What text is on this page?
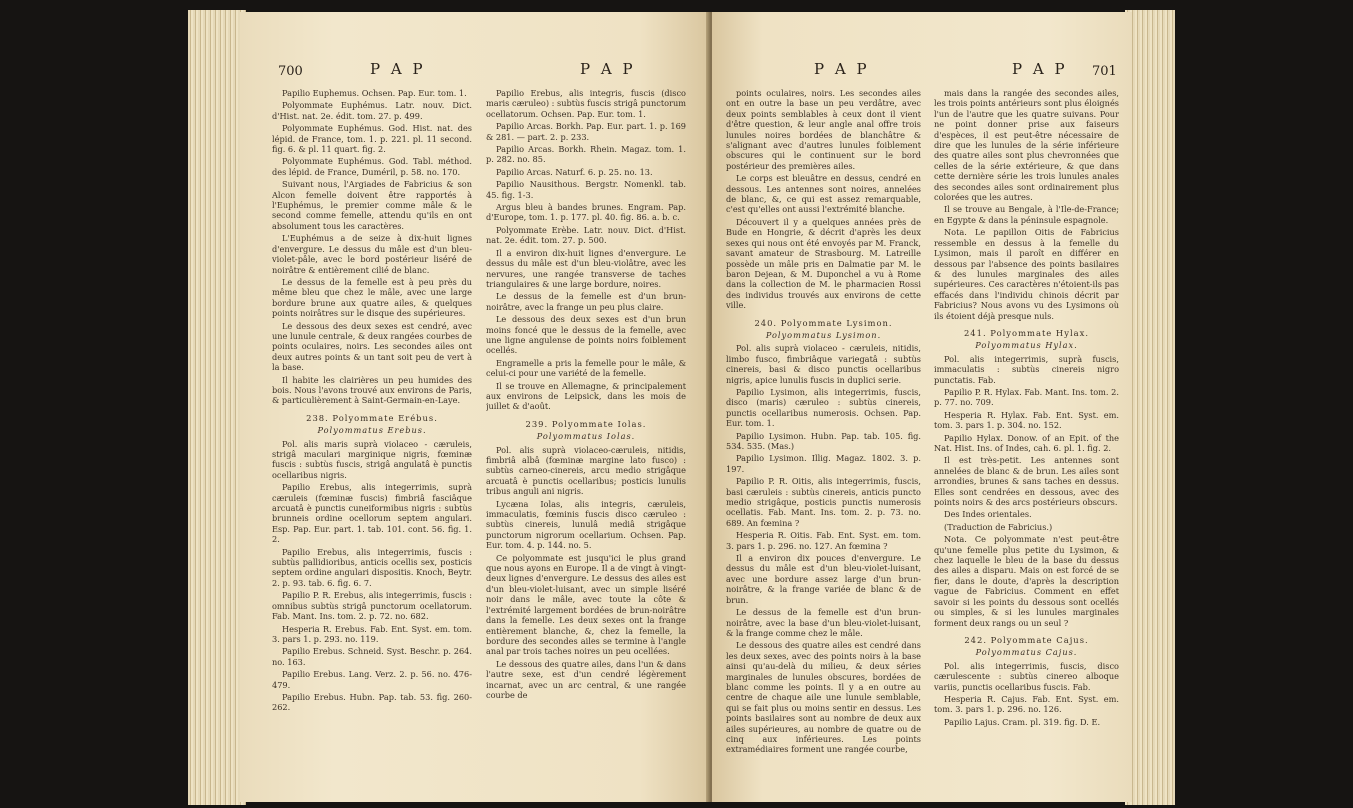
700	P A P	P A P

Papilio Euphemus. Ochsen. Pap. Eur. tom. 1.

Polyommate Euphémus. Latr. nouv. Dict. d'Hist. nat. 2e. édit. tom. 27. p. 499.

Polyommate Euphémus. God. Hist. nat. des lépid. de France, tom. 1. p. 221. pl. 11 second. fig. 6. & pl. 11 quart. fig. 2.

Polyommate Euphémus. God. Tabl. méthod. des lépid. de France, Duméril, p. 58. no. 170.

Suivant nous, l'Argiades de Fabricius & son Alcon femelle doivent être rapportés à l'Euphémus, le premier comme mâle & le second comme femelle, attendu qu'ils en ont absolument tous les caractères.

L'Euphémus a de seize à dix-huit lignes d'envergure. Le dessus du mâle est d'un bleu-violet-pâle, avec le bord postérieur liséré de noirâtre & entièrement cilié de blanc.

Le dessus de la femelle est à peu près du même bleu que chez le mâle, avec une large bordure brune aux quatre ailes, & quelques points noirâtres sur le disque des supérieures.

Le dessous des deux sexes est cendré, avec une lunule centrale, & deux rangées courbes de points oculaires, noirs. Les secondes ailes ont deux autres points & un tant soit peu de vert à la base.

Il habite les clairières un peu humides des bois. Nous l'avons trouvé aux environs de Paris, & particulièrement à Saint-Germain-en-Laye.

238. Polyommate Erébus.

Polyommatus Erebus.

Pol. alis maris suprà violaceo - cæruleis, strigâ maculari marginique nigris, fœminæ fuscis : subtùs fuscis, strigâ angulatâ è punctis ocellaribus nigris.

Papilio Erebus, alis integerrimis, suprà cæruleis (fœminæ fuscis) fimbriâ fasciâque arcuatâ è punctis cuneiformibus nigris : subtùs brunneis ordine ocellorum septem angulari. Esp. Pap. Eur. part. 1. tab. 101. cont. 56. fig. 1. 2.

Papilio Erebus, alis integerrimis, fuscis : subtùs pallidioribus, anticis ocellis sex, posticis septem ordine angulari dispositis. Knoch, Beytr. 2. p. 93. tab. 6. fig. 6. 7.

Papilio P. R. Erebus, alis integerrimis, fuscis : omnibus subtùs strigâ punctorum ocellatorum. Fab. Mant. Ins. tom. 2. p. 72. no. 682.

Hesperia R. Erebus. Fab. Ent. Syst. em. tom. 3. pars 1. p. 293. no. 119.

Papilio Erebus. Schneid. Syst. Beschr. p. 264. no. 163.

Papilio Erebus. Lang. Verz. 2. p. 56. no. 476-479.

Papilio Erebus. Hubn. Pap. tab. 53. fig. 260-262.

Papilio Erebus, alis integris, fuscis (disco maris cæruleo) : subtùs fuscis strigâ punctorum ocellatorum. Ochsen. Pap. Eur. tom. 1.

Papilio Arcas. Borkh. Pap. Eur. part. 1. p. 169 & 281. — part. 2. p. 233.

Papilio Arcas. Borkh. Rhein. Magaz. tom. 1. p. 282. no. 85.

Papilio Arcas. Naturf. 6. p. 25. no. 13.

Papilio Nausithous. Bergstr. Nomenkl. tab. 45. fig. 1-3.

Argus bleu à bandes brunes. Engram. Pap. d'Europe, tom. 1. p. 177. pl. 40. fig. 86. a. b. c.

Polyommate Erèbe. Latr. nouv. Dict. d'Hist. nat. 2e. édit. tom. 27. p. 500.

Il a environ dix-huit lignes d'envergure. Le dessus du mâle est d'un bleu-violâtre, avec les nervures, une rangée transverse de taches triangulaires & une large bordure, noires.

Le dessus de la femelle est d'un brun-noirâtre, avec la frange un peu plus claire.

Le dessous des deux sexes est d'un brun moins foncé que le dessus de la femelle, avec une ligne angulense de points noirs foiblement ocellés.

Engramelle a pris la femelle pour le mâle, & celui-ci pour une variété de la femelle.

Il se trouve en Allemagne, & principalement aux environs de Leipsick, dans les mois de juillet & d'août.

239. Polyommate Iolas.

Polyommatus Iolas.

Pol. alis suprà violaceo-cæruleis, nitidis, fimbriâ albâ (fœminæ margine lato fusco) : subtùs carneo-cinereis, arcu medio strigâque arcuatâ è punctis ocellaribus; posticis lunulis tribus anguli ani nigris.

Lycæna Iolas, alis integris, cæruleis, immaculatis, fœminis fuscis disco cæruleo : subtùs cinereis, lunulâ mediâ strigâque punctorum nigrorum ocellarium. Ochsen. Pap. Eur. tom. 4. p. 144. no. 5.

Ce polyommate est jusqu'ici le plus grand que nous ayons en Europe. Il a de vingt à vingt-deux lignes d'envergure. Le dessus des ailes est d'un bleu-violet-luisant, avec un simple liséré noir dans le mâle, avec toute la côte & l'extrémité largement bordées de brun-noirâtre dans la femelle. Les deux sexes ont la frange entièrement blanche, &, chez la femelle, la bordure des secondes ailes se termine à l'angle anal par trois taches noires un peu ocellées.

Le dessous des quatre ailes, dans l'un & dans l'autre sexe, est d'un cendré légèrement incarnat, avec un arc central, & une rangée courbe de

P A P	P A P 701

points oculaires, noirs. Les secondes ailes ont en outre la base un peu verdâtre, avec deux points semblables à ceux dont il vient d'être question, & leur angle anal offre trois lunules noires bordées de blanchâtre & s'alignant avec d'autres lunules foiblement obscures qui le continuent sur le bord postérieur des premières ailes.

Le corps est bleuâtre en dessus, cendré en dessous. Les antennes sont noires, annelées de blanc, &, ce qui est assez remarquable, c'est qu'elles ont aussi l'extrémité blanche.

Découvert il y a quelques années près de Bude en Hongrie, & décrit d'après les deux sexes qui nous ont été envoyés par M. Franck, savant amateur de Strasbourg. M. Latreille possède un mâle pris en Dalmatie par M. le baron Dejean, & M. Duponchel a vu à Rome dans la collection de M. le pharmacien Rossi des individus trouvés aux environs de cette ville.

240. Polyommate Lysimon.

Polyommatus Lysimon.

Pol. alis suprà violaceo - cæruleis, nitidis, limbo fusco, fimbriâque variegatâ : subtùs cinereis, basi & disco punctis ocellaribus nigris, apice lunulis fuscis in duplici serie.

Papilio Lysimon, alis integerrimis, fuscis, disco (maris) cæruleo : subtùs cinereis, punctis ocellaribus numerosis. Ochsen. Pap. Eur. tom. 1.

Papilio Lysimon. Hubn. Pap. tab. 105. fig. 534. 535. (Mas.)

Papilio Lysimon. Illig. Magaz. 1802. 3. p. 197.

Papilio P. R. Oitis, alis integerrimis, fuscis, basi cæruleis : subtùs cinereis, anticis puncto medio strigâque, posticis punctis numerosis ocellatis. Fab. Mant. Ins. tom. 2. p. 73. no. 689. An fœmina ?

Hesperia R. Oitis. Fab. Ent. Syst. em. tom. 3. pars 1. p. 296. no. 127. An fœmina ?

Il a environ dix pouces d'envergure. Le dessus du mâle est d'un bleu-violet-luisant, avec une bordure assez large d'un brun-noirâtre, & la frange variée de blanc & de brun.

Le dessus de la femelle est d'un brun-noirâtre, avec la base d'un bleu-violet-luisant, & la frange comme chez le mâle.

Le dessous des quatre ailes est cendré dans les deux sexes, avec des points noirs à la base ainsi qu'au-delà du milieu, & deux séries marginales de lunules obscures, bordées de blanc comme les points. Il y a en outre au centre de chaque aile une lunule semblable, qui se fait plus ou moins sentir en dessus. Les points basilaires sont au nombre de deux aux ailes supérieures, au nombre de quatre ou de cinq aux inférieures. Les points extramédiaires forment une rangée courbe,

mais dans la rangée des secondes ailes, les trois points antérieurs sont plus éloignés l'un de l'autre que les quatre suivans. Pour ne point donner prise aux faiseurs d'espèces, il est peut-être nécessaire de dire que les lunules de la série inférieure des quatre ailes sont plus chevronnées que celles de la série extérieure, & que dans cette dernière série les trois lunules anales des secondes ailes sont ordinairement plus colorées que les autres.

Il se trouve au Bengale, à l'Ile-de-France; en Egypte & dans la péninsule espagnole.

Nota. Le papillon Oitis de Fabricius ressemble en dessus à la femelle du Lysimon, mais il paroît en différer en dessous par l'absence des points basilaires & des lunules marginales des ailes supérieures. Ces caractères n'étoient-ils pas effacés dans l'individu chinois décrit par Fabricius? Nous avons vu des Lysimons où ils étoient déjà presque nuls.

241. Polyommate Hylax.

Polyommatus Hylax.

Pol. alis integerrimis, suprà fuscis, immaculatis : subtùs cinereis nigro punctatis. Fab.

Papilio P. R. Hylax. Fab. Mant. Ins. tom. 2. p. 77. no. 709.

Hesperia R. Hylax. Fab. Ent. Syst. em. tom. 3. pars 1. p. 304. no. 152.

Papilio Hylax. Donow. of an Epit. of the Nat. Hist. Ins. of Indes, cah. 6. pl. 1. fig. 2.

Il est très-petit. Les antennes sont annelées de blanc & de brun. Les ailes sont arrondies, brunes & sans taches en dessus. Elles sont cendrées en dessous, avec des points noirs & des arcs postérieurs obscurs.

Des Indes orientales.

(Traduction de Fabricius.)

Nota. Ce polyommate n'est peut-être qu'une femelle plus petite du Lysimon, & chez laquelle le bleu de la base du dessus des ailes a disparu. Mais on est forcé de se fier, dans le doute, d'après la description vague de Fabricius. Comment en effet savoir si les points du dessous sont ocellés ou simples, & si les lunules marginales forment deux rangs ou un seul ?

242. Polyommate Cajus.

Polyommatus Cajus.

Pol. alis integerrimis, fuscis, disco cærulescente : subtùs cinereo alboque variis, punctis ocellaribus fuscis. Fab.

Hesperia R. Cajus. Fab. Ent. Syst. em. tom. 3. pars 1. p. 296. no. 126.

Papilio Lajus. Cram. pl. 319. fig. D. E.
